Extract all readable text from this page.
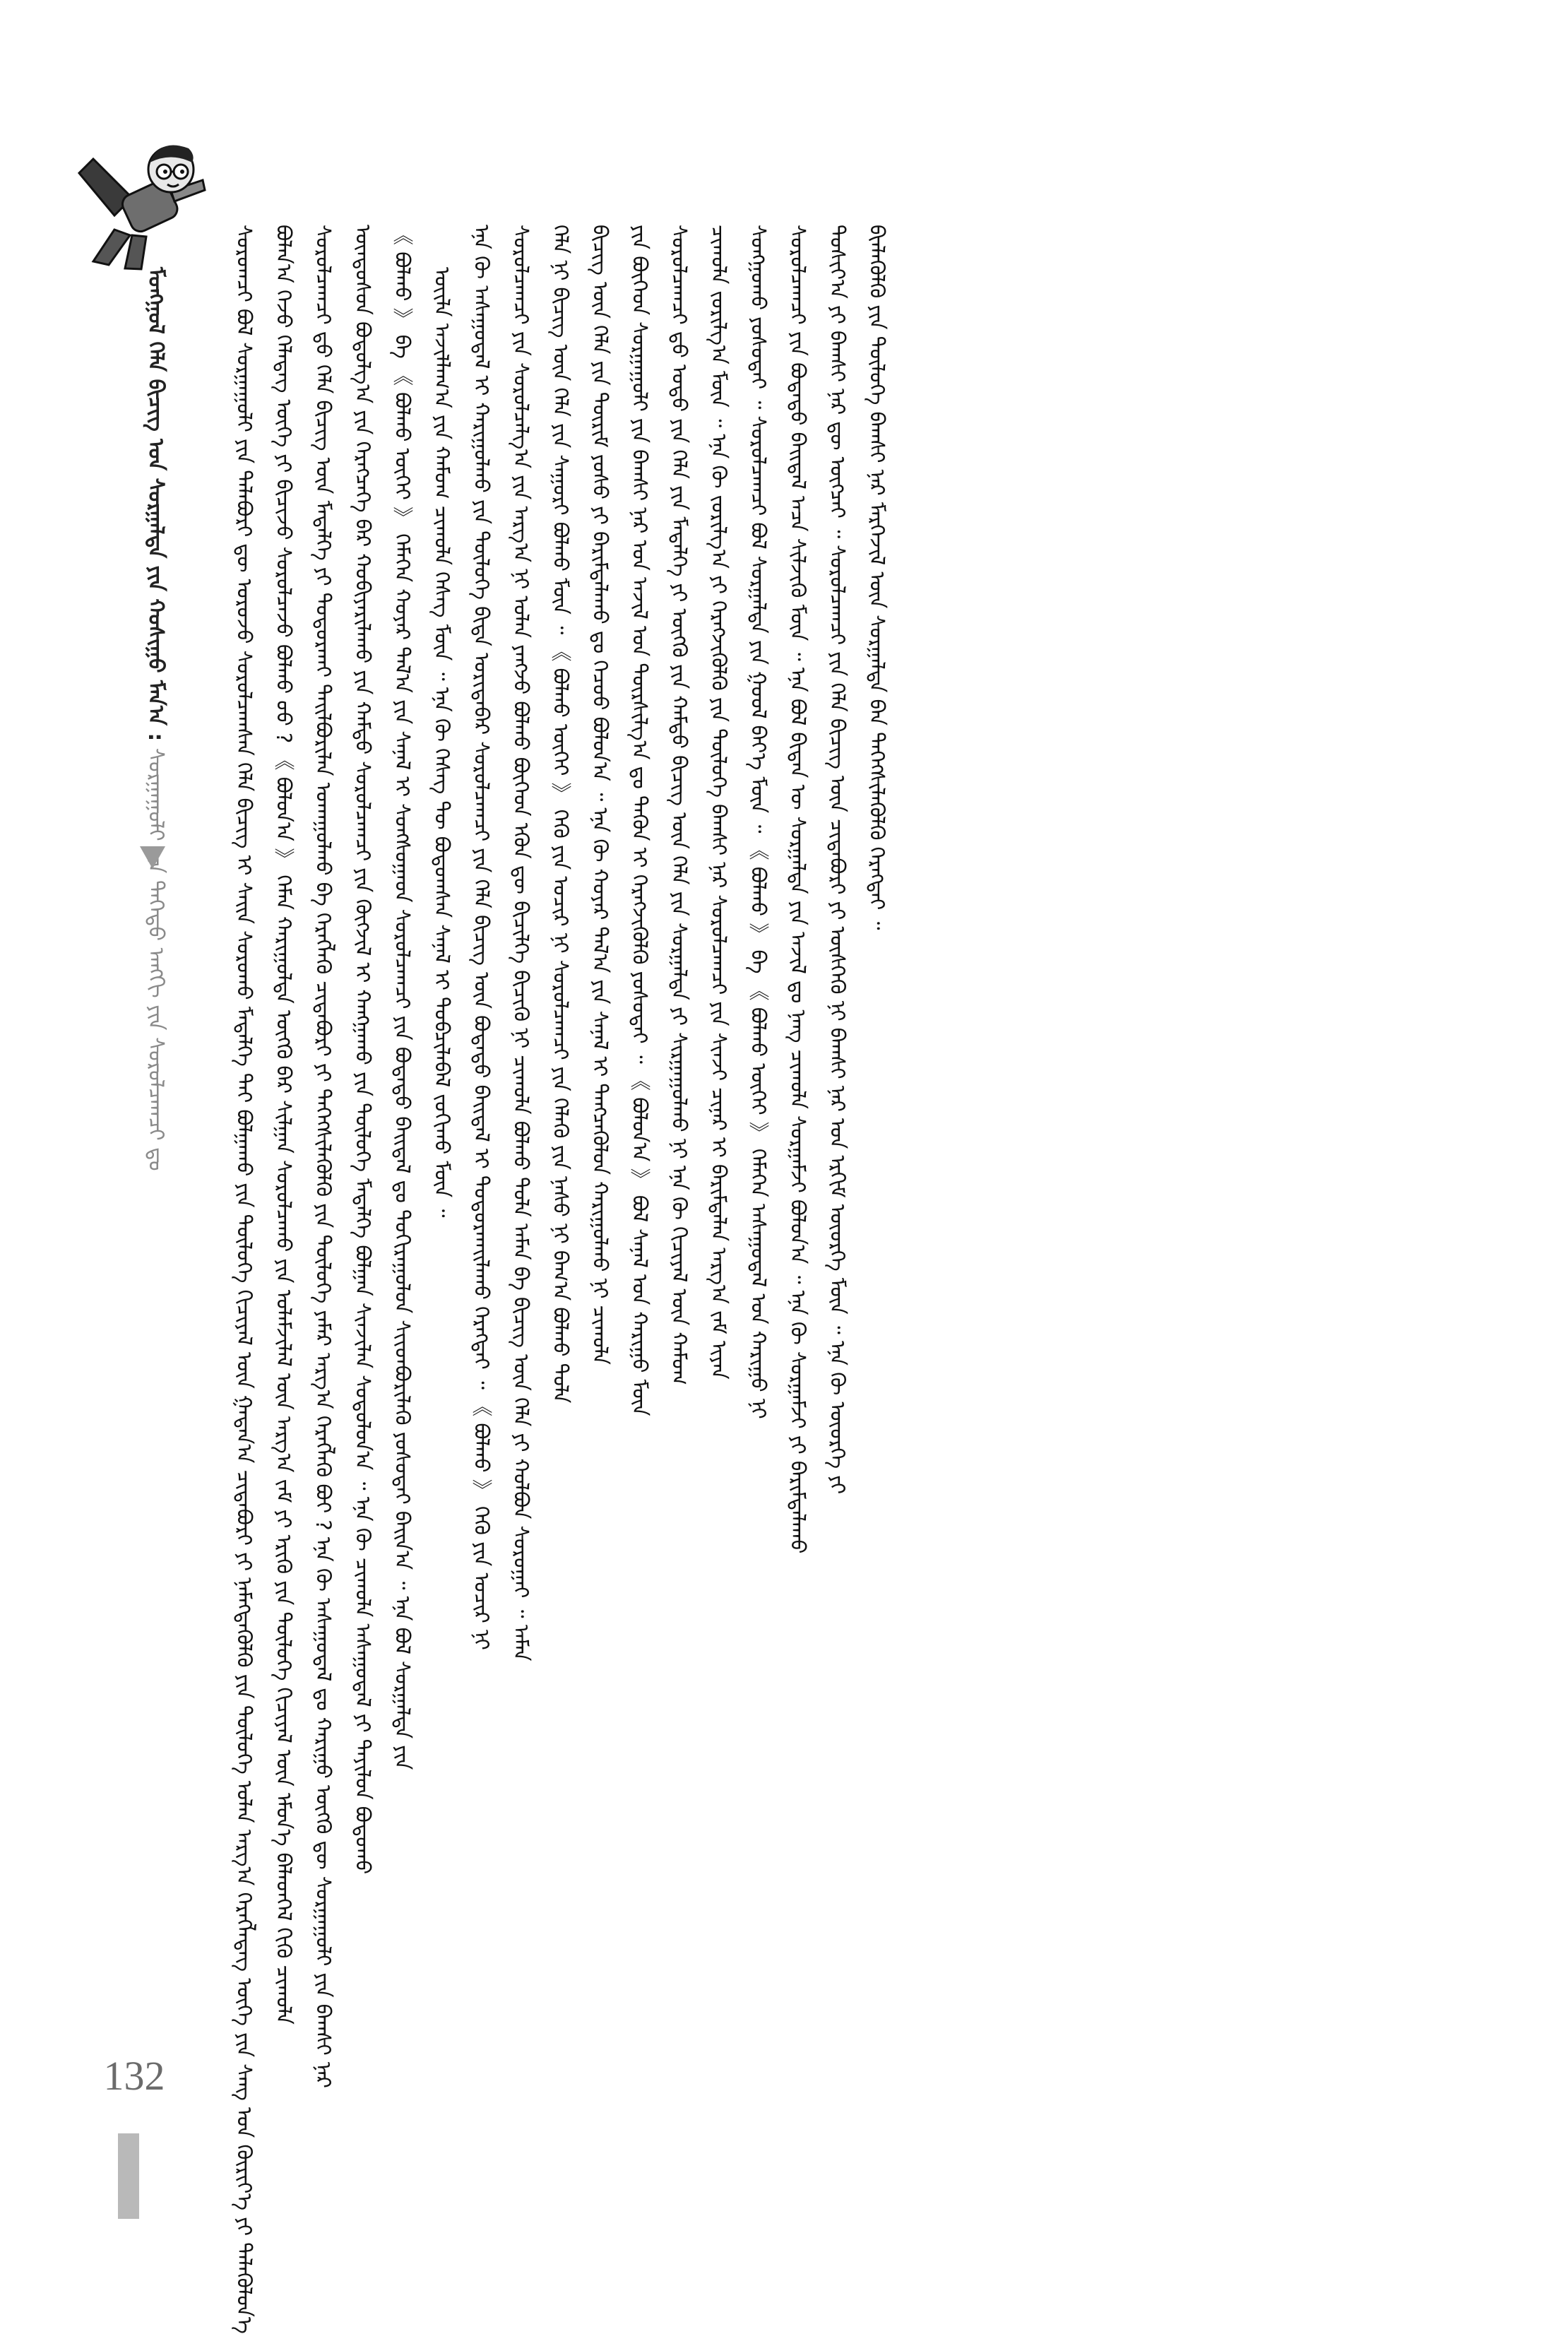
ᠮᠣᠩᠭᠣᠯ ᠬᠡᠯᠡ ᠪᠢᠴᠢᠭ ᠤᠨ ᠰᠤᠷᠭᠠᠯᠲᠠ ᠶᠢᠨ ᠬᠣᠰᠢᠭᠤ ᠮᠠᠨ᠎ᠠ : ᠰᠤᠷᠭᠠᠭᠤᠯᠢ ᠶᠢᠨ ᠳᠡᠭᠡᠳᠦ ᠠᠩᠭᠢ ᠶᠢᠨ ᠰᠤᠷᠤᠯᠴᠠᠭᠴᠢ ᠳᠤ	ᠰᠤᠷᠤᠭᠴᠢ ᠪᠣᠯ ᠰᠤᠷᠭᠠᠭᠤᠯᠢ ᠶᠢᠨ ᠲᠡᠯᠡᠪᠦᠷᠢ ᠳᠦ ᠣᠷᠣᠵᠤ ᠰᠤᠷᠤᠯᠴᠠᠭᠰᠠᠨ ᠬᠡᠯᠡ ᠪᠢᠴᠢᠭ ᠢ ᠰᠠᠢᠨ ᠰᠤᠷᠤᠬᠤ ᠮᠡᠳᠡᠯᠭᠡ ᠲᠡᠢ ᠪᠣᠯᠭᠠᠬᠤ ᠶᠢᠨ ᠲᠥᠯᠥᠭᠡ ᠬᠢᠴᠢᠶᠡᠯ ᠦᠨ ᠭᠠᠳᠠᠨ᠎ᠠ ᠴᠢᠳᠠᠪᠤᠷᠢ ᠶᠢ ᠨᠡᠮᠡᠭᠳᠡᠭᠦᠯᠬᠦ ᠶᠢᠨ ᠲᠥᠯᠥᠭᠡ ᠣᠯᠠᠨ ᠠᠷᠭ᠎ᠠ ᠬᠡᠷᠡᠭᠯᠡᠳᠡᠭ ᠦᠭᠡ ᠶᠢᠨ ᠰᠠᠩ ᠤᠨ ᠬᠦᠷᠢᠶ᠎ᠡ ᠶᠢ ᠲᠡᠯᠡᠭᠦᠯᠦᠨ᠎ᠡ ᠪᠣᠯᠠᠨ᠎ᠠ ᠬᠡᠵᠦ ᠬᠡᠯᠡᠳᠡᠭ ᠦᠭᠡ ᠶᠢ ᠪᠢᠴᠢᠵᠦ ᠰᠤᠷᠤᠯᠴᠠᠵᠤ ᠪᠣᠯᠬᠤ ᠤᠤ ? 《 ᠪᠣᠯᠣᠨ᠎ᠠ 》 ᠬᠡᠮᠡᠨ ᠬᠠᠷᠢᠭᠤᠯᠲᠠ ᠥᠭᠬᠦ ᠪᠡᠷ ᠰᠢᠯᠭᠠᠨ ᠰᠤᠷᠤᠯᠴᠠᠬᠤ ᠶᠢᠨ ᠤᠯᠠᠮᠵᠢᠯᠠᠯ ᠦᠨ ᠠᠷᠭ᠎ᠠ ᠵᠠᠮ ᠶᠢ ᠡᠷᠢᠬᠦ ᠶᠢᠨ ᠲᠥᠯᠥᠭᠡ ᠬᠢᠴᠢᠶᠡᠯ ᠦᠨ ᠡᠮᠦᠨ᠎ᠡ ᠪᠡᠯᠡᠳᠬᠡᠯ ᠬᠢᠬᠦ ᠴᠢᠬᠤᠯᠠ ᠰᠤᠷᠤᠯᠴᠠᠭᠴᠢ ᠳ᠋ᠤ ᠬᠡᠯᠡ ᠪᠢᠴᠢᠭ ᠦᠨ ᠮᠡᠳᠡᠯᠭᠡ ᠶᠢ ᠲᠣᠳᠣᠷᠬᠠᠢ ᠲᠠᠢᠯᠪᠤᠷᠢᠯᠠᠨ ᠤᠬᠠᠭᠤᠯᠬᠤ ᠪᠠ ᠬᠡᠷᠡᠭᠯᠡᠬᠦ ᠴᠢᠳᠠᠪᠤᠷᠢ ᠶᠢ ᠳᠡᠭᠡᠭᠰᠢᠯᠡᠭᠦᠯᠬᠦ ᠶᠢᠨ ᠲᠥᠯᠥᠭᠡ ᠶᠠᠮᠠᠷ ᠠᠷᠭ᠎ᠠ ᠬᠡᠷᠡᠭᠯᠡᠬᠦ ᠪᠤᠢ ? ᠡᠨᠡ ᠬᠦ ᠠᠰᠠᠭᠤᠳᠠᠯ ᠳᠤ ᠬᠠᠷᠢᠭᠤ ᠥᠭᠬᠦ ᠳᠦ ᠰᠤᠷᠭᠠᠭᠤᠯᠢ ᠶᠢᠨ ᠪᠠᠭᠰᠢ ᠨᠠᠷ ᠦᠨᠳᠦᠰᠦᠨ ᠪᠣᠳᠣᠯᠭ᠎ᠠ ᠶᠢᠨ ᠬᠡᠷᠡᠭᠴᠡᠭᠡ ᠪᠡᠷ ᠬᠤᠪᠢᠶᠠᠷᠢᠯᠠᠬᠤ ᠶᠢᠨ ᠬᠠᠮᠲᠤ ᠰᠤᠷᠤᠯᠴᠠᠭᠴᠢ ᠶᠢᠨ ᠬᠥᠭᠵᠢᠯ ᠢ ᠬᠠᠩᠭᠠᠬᠤ ᠶᠢᠨ ᠲᠥᠯᠥᠭᠡ ᠮᠡᠳᠡᠯᠭᠡ ᠪᠣᠯᠭᠠᠨ ᠰᠢᠨᠵᠢᠯᠡᠨ ᠰᠤᠳᠤᠯᠤᠨ᠎ᠠ ᠃ ᠡᠨᠡ ᠬᠦ ᠴᠢᠬᠤᠯᠠ ᠠᠰᠠᠭᠤᠳᠠᠯ ᠶᠢ ᠲᠡᠶᠢᠯᠦᠨ ᠪᠣᠳᠣᠬᠤ 《 ᠪᠣᠯᠬᠤ 》 ᠪᠠ 《 ᠪᠣᠯᠬᠤ ᠦᠭᠡᠢ 》 ᠬᠡᠮᠡᠭᠡᠨ ᠬᠣᠶᠠᠷ ᠲᠠᠯ᠎ᠠ ᠶᠢᠨ ᠰᠠᠨᠠᠯ ᠢ ᠰᠣᠩᠰᠤᠭᠠᠳ ᠰᠤᠷᠤᠯᠴᠠᠭᠴᠢ ᠶᠢᠨ ᠪᠣᠳᠠᠲᠤ ᠪᠠᠢᠳᠠᠯ ᠳᠤ ᠲᠣᠬᠢᠷᠠᠭᠤᠯᠤᠨ ᠰᠢᠢᠳᠪᠦᠷᠢᠯᠡᠬᠦ ᠶᠣᠰᠣᠳᠠᠢ ᠪᠠᠢᠨ᠎ᠠ ᠃ ᠡᠨᠡ ᠪᠣᠯ ᠰᠤᠷᠭᠠᠯᠲᠠ ᠶᠢᠨ ᠦᠢᠯᠡ ᠠᠵᠢᠯᠯᠠᠭ᠎ᠠ ᠶᠢᠨ ᠬᠠᠮᠤᠭ ᠴᠢᠬᠤᠯᠠ ᠬᠡᠰᠡᠭ ᠮᠥᠨ ᠃ ᠡᠨᠡ ᠬᠦ ᠬᠡᠰᠡᠭ ᠲᠦ ᠪᠣᠳᠣᠭᠰᠠᠨ ᠰᠠᠨᠠᠯ ᠢ ᠲᠣᠪᠴᠢᠯᠠᠪᠠᠯ ᠵᠣᠬᠢᠬᠤ ᠮᠥᠨ ᠃ ᠡᠨᠡ ᠬᠦ ᠠᠰᠠᠭᠤᠳᠠᠯ ᠢ ᠬᠠᠷᠢᠭᠤᠯᠬᠤ ᠶᠢᠨ ᠲᠥᠯᠥᠭᠡ ᠪᠢᠳᠡ ᠤᠷᠢᠳᠠᠪᠠᠷ ᠰᠤᠷᠤᠯᠴᠠᠭᠴᠢ ᠶᠢᠨ ᠬᠡᠯᠡ ᠪᠢᠴᠢᠭ ᠦᠨ ᠪᠣᠳᠠᠲᠤ ᠪᠠᠢᠳᠠᠯ ᠢ ᠲᠣᠳᠣᠷᠬᠠᠢᠯᠠᠬᠤ ᠬᠡᠷᠡᠭᠲᠡᠢ ᠃ 《 ᠪᠣᠯᠬᠤ 》 ᠬᠡᠬᠦ ᠶᠢᠨ ᠤᠴᠢᠷ ᠨᠢ ᠰᠤᠷᠤᠯᠴᠠᠭᠴᠢ ᠶᠢᠨ ᠰᠤᠷᠤᠯᠴᠠᠯᠭ᠎ᠠ ᠶᠢᠨ ᠠᠷᠭ᠎ᠠ ᠨᠢ ᠣᠯᠠᠨ ᠶᠠᠩᠵᠤ ᠪᠣᠯᠬᠤ ᠪᠥᠭᠡᠳ ᠡᠭᠦᠨ ᠳᠦ ᠪᠢᠴᠢᠯᠭᠡ ᠪᠢᠴᠢᠬᠦ ᠨᠢ ᠴᠢᠬᠤᠯᠠ ᠪᠣᠯᠬᠤ ᠲᠤᠯᠠ ᠠᠮᠠᠨ ᠪᠠ ᠪᠢᠴᠢᠭ ᠦᠨ ᠬᠡᠯᠡ ᠶᠢ ᠬᠣᠯᠪᠣᠨ ᠰᠤᠷᠤᠭᠠᠢ ᠃ ᠠᠮᠠᠨ ᠬᠡᠯᠡ ᠨᠢ ᠪᠢᠴᠢᠭ ᠦᠨ ᠬᠡᠯᠡ ᠶᠢᠨ ᠰᠠᠭᠤᠷᠢ ᠪᠣᠯᠬᠤ ᠮᠥᠨ ᠃ 《 ᠪᠣᠯᠬᠤ ᠦᠭᠡᠢ 》 ᠬᠡᠬᠦ ᠶᠢᠨ ᠤᠴᠢᠷ ᠨᠢ ᠰᠤᠷᠤᠯᠴᠠᠭᠴᠢ ᠶᠢᠨ ᠬᠡᠯᠡᠬᠦ ᠶᠢᠨ ᠨᠠᠰᠤ ᠨᠢ ᠪᠠᠭ᠎ᠠ ᠪᠣᠯᠬᠤ ᠲᠤᠯᠠ ᠪᠢᠴᠢᠭ ᠦᠨ ᠬᠡᠯᠡ ᠶᠢᠨ ᠳᠦᠷᠢᠮ ᠶᠣᠰᠣ ᠶᠢ ᠪᠠᠷᠢᠮᠲᠠᠯᠠᠬᠤ ᠳᠤ ᠬᠡᠴᠦᠦ ᠪᠣᠯᠤᠨ᠎ᠠ ᠃ ᠡᠨᠡ ᠬᠦ ᠬᠣᠶᠠᠷ ᠲᠠᠯ᠎ᠠ ᠶᠢᠨ ᠰᠠᠨᠠᠯ ᠢ ᠲᠡᠩᠴᠡᠭᠦᠯᠦᠨ ᠬᠠᠷᠢᠭᠤᠯᠬᠤ ᠨᠢ ᠴᠢᠬᠤᠯᠠ ᠶᠢᠨ ᠪᠥᠭᠡᠳ ᠰᠤᠷᠭᠠᠭᠤᠯᠢ ᠶᠢᠨ ᠪᠠᠭᠰᠢ ᠨᠠᠷ ᠤᠨ ᠠᠵᠢᠯ ᠤᠨ ᠲᠦᠷᠰᠢᠯᠭ᠎ᠠ ᠳᠤ ᠲᠡᠭᠦᠨ ᠢ ᠬᠡᠷᠡᠭᠵᠢᠭᠦᠯᠬᠦ ᠶᠣᠰᠣᠲᠠᠢ ᠃ 《 ᠪᠣᠯᠣᠨ᠎ᠠ 》 ᠪᠣᠯ ᠰᠠᠨᠠᠯ ᠤᠨ ᠬᠠᠷᠢᠭᠤ ᠮᠥᠨ ᠰᠤᠷᠤᠯᠴᠠᠭᠴᠢ ᠳ᠋ᠤ ᠣᠳᠣ ᠶᠢᠨ ᠬᠡᠯᠡ ᠶᠢᠨ ᠮᠡᠳᠡᠯᠭᠡ ᠶᠢ ᠥᠭᠬᠦ ᠶᠢᠨ ᠬᠠᠮᠲᠤ ᠪᠢᠴᠢᠭ ᠦᠨ ᠬᠡᠯᠡ ᠶᠢᠨ ᠰᠤᠷᠭᠠᠯᠲᠠ ᠶᠢ ᠰᠢᠷᠭᠠᠭᠤᠯᠬᠤ ᠨᠢ ᠡᠨᠡ ᠬᠦ ᠬᠢᠴᠢᠶᠡᠯ ᠦᠨ ᠬᠠᠮᠤᠭ ᠴᠢᠬᠤᠯᠠ ᠵᠣᠷᠢᠯᠭ᠎ᠠ ᠮᠥᠨ ᠃ ᠡᠨᠡ ᠬᠦ ᠵᠣᠷᠢᠯᠭ᠎ᠠ ᠶᠢ ᠬᠡᠷᠡᠭᠵᠢᠭᠦᠯᠬᠦ ᠶᠢᠨ ᠲᠥᠯᠥᠭᠡ ᠪᠠᠭᠰᠢ ᠨᠠᠷ ᠰᠤᠷᠤᠯᠴᠠᠭᠴᠢ ᠶᠢᠨ ᠰᠢᠨᠵᠢ ᠴᠢᠨᠠᠷ ᠢ ᠪᠠᠷᠢᠮᠲᠠᠯᠠᠨ ᠠᠷᠭ᠎ᠠ ᠵᠠᠮ ᠢᠶᠠᠨ ᠰᠣᠩᠭᠣᠬᠤ ᠶᠣᠰᠣᠲᠠᠢ ᠃ ᠰᠤᠷᠤᠯᠴᠠᠭᠴᠢ ᠪᠣᠯ ᠰᠤᠷᠭᠠᠯᠲᠠ ᠶᠢᠨ ᠭᠣᠣᠯ ᠪᠡᠶ᠎ᠡ ᠮᠥᠨ ᠃ 《 ᠪᠣᠯᠬᠤ 》 ᠪᠠ 《 ᠪᠣᠯᠬᠤ ᠦᠭᠡᠢ 》 ᠬᠡᠮᠡᠭᠡᠨ ᠠᠰᠠᠭᠤᠳᠠᠯ ᠤᠨ ᠬᠠᠷᠢᠭᠤ ᠨᠢ ᠰᠤᠷᠤᠯᠴᠠᠭᠴᠢ ᠶᠢᠨ ᠪᠣᠳᠠᠲᠤ ᠪᠠᠢᠳᠠᠯ ᠠᠴᠠ ᠰᠢᠯᠵᠢᠬᠦ ᠮᠥᠨ ᠃ ᠡᠨᠡ ᠪᠣᠯ ᠪᠢᠳᠡᠨ ᠦ ᠰᠤᠷᠭᠠᠯᠲᠠ ᠶᠢᠨ ᠠᠵᠢᠯ ᠳᠤ ᠨᠡᠩ ᠴᠢᠬᠤᠯᠠ ᠰᠤᠷᠭᠠᠮᠵᠢ ᠪᠣᠯᠤᠨ᠎ᠠ ᠃ ᠡᠨᠡ ᠬᠦ ᠰᠤᠷᠭᠠᠮᠵᠢ ᠶᠢ ᠪᠠᠷᠢᠮᠲᠠᠯᠠᠬᠤ ᠲᠤᠰᠢᠶ᠎ᠠ ᠶᠢ ᠪᠠᠭᠰᠢ ᠨᠠᠷ ᠳᠦ ᠥᠭᠴᠡᠢ ᠃ ᠰᠤᠷᠤᠯᠴᠠᠭᠴᠢ ᠶᠢᠨ ᠬᠡᠯᠡ ᠪᠢᠴᠢᠭ ᠦᠨ ᠴᠢᠳᠠᠪᠤᠷᠢ ᠶᠢ ᠥᠰᠬᠡᠬᠦ ᠨᠢ ᠪᠠᠭᠰᠢ ᠨᠠᠷ ᠤᠨ ᠡᠷᠬᠢᠮ ᠦᠦᠷᠭᠡ ᠮᠥᠨ ᠃ ᠡᠨᠡ ᠬᠦ ᠦᠦᠷᠭᠡ ᠶᠢ ᠪᠢᠡᠯᠡᠭᠦᠯᠬᠦ ᠶᠢᠨ ᠲᠥᠯᠥᠭᠡ ᠪᠠᠭᠰᠢ ᠨᠠᠷ ᠮᠡᠷᠭᠡᠵᠢᠯ ᠦᠨ ᠰᠤᠷᠭᠠᠯᠲᠠ ᠪᠡᠨ ᠳᠡᠭᠡᠭᠰᠢᠯᠡᠭᠦᠯᠬᠦ ᠬᠡᠷᠡᠭᠲᠡᠢ ᠃

132
